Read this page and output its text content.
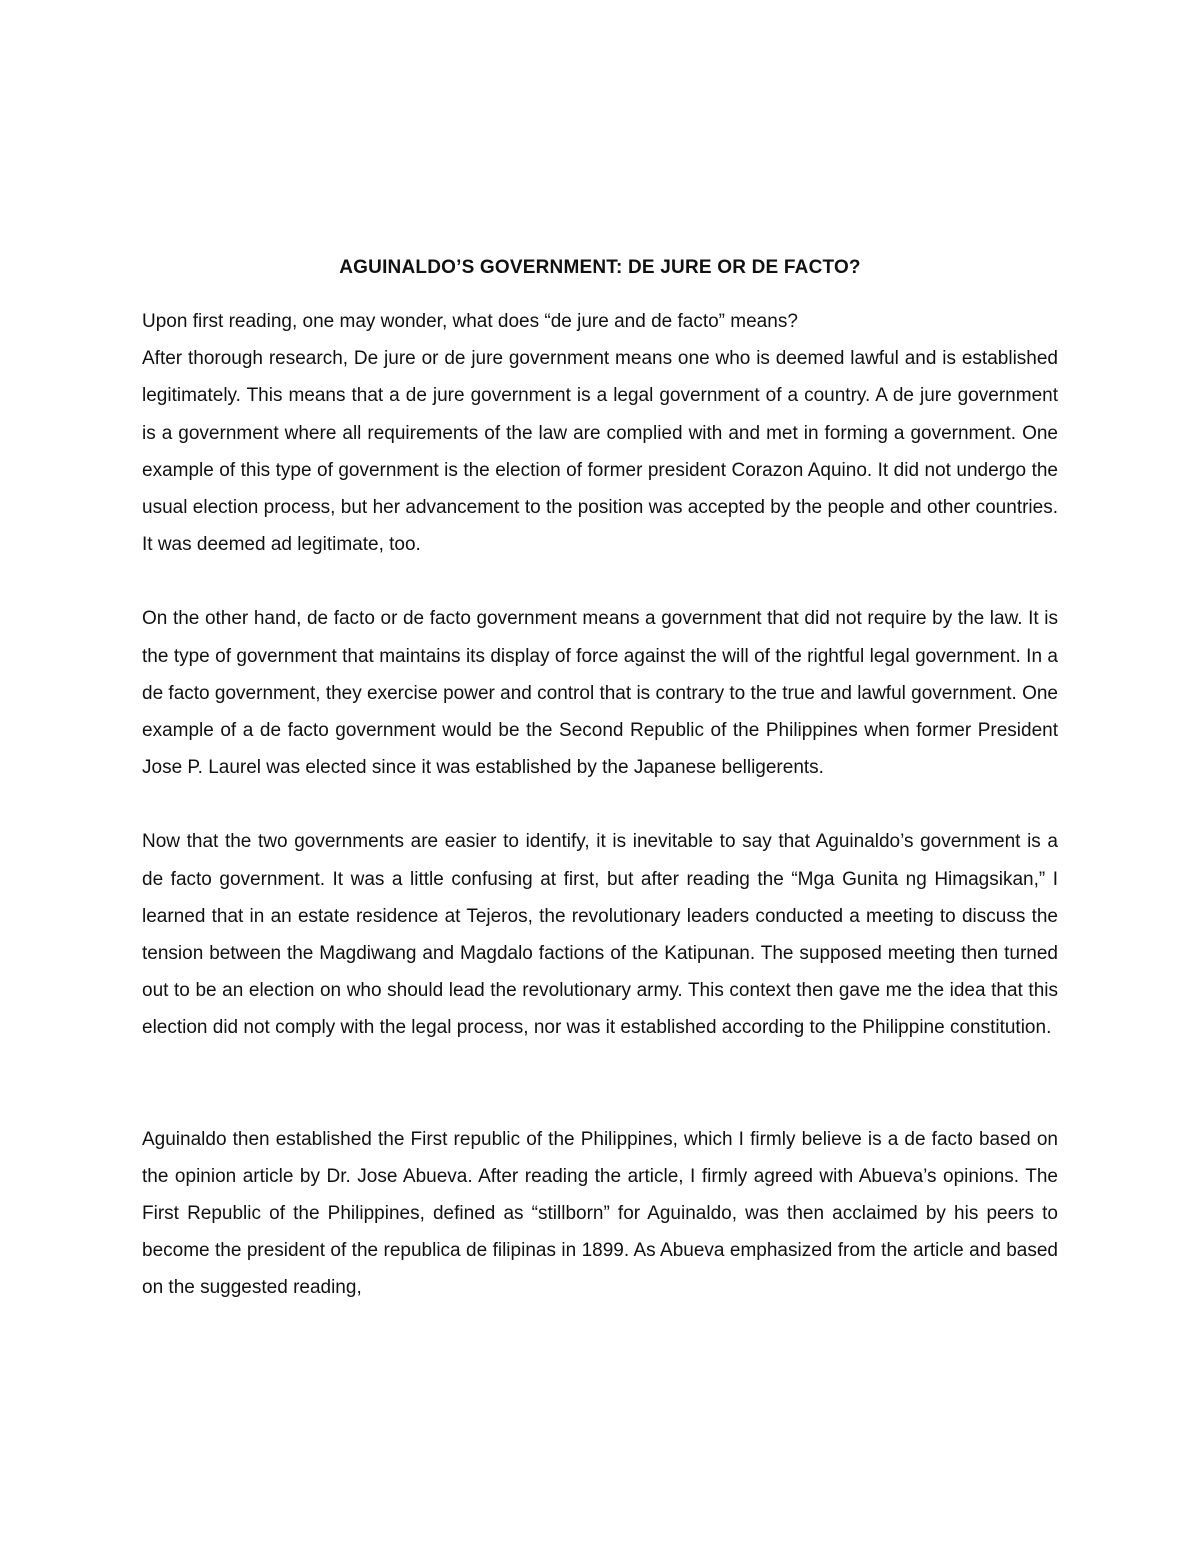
AGUINALDO’S GOVERNMENT: DE JURE OR DE FACTO?

Upon first reading, one may wonder, what does “de jure and de facto” means?

After thorough research, De jure or de jure government means one who is deemed lawful and is established legitimately. This means that a de jure government is a legal government of a country. A de jure government is a government where all requirements of the law are complied with and met in forming a government. One example of this type of government is the election of former president Corazon Aquino. It did not undergo the usual election process, but her advancement to the position was accepted by the people and other countries. It was deemed ad legitimate, too.

On the other hand, de facto or de facto government means a government that did not require by the law. It is the type of government that maintains its display of force against the will of the rightful legal government. In a de facto government, they exercise power and control that is contrary to the true and lawful government. One example of a de facto government would be the Second Republic of the Philippines when former President Jose P. Laurel was elected since it was established by the Japanese belligerents.

Now that the two governments are easier to identify, it is inevitable to say that Aguinaldo’s government is a de facto government. It was a little confusing at first, but after reading the “Mga Gunita ng Himagsikan,” I learned that in an estate residence at Tejeros, the revolutionary leaders conducted a meeting to discuss the tension between the Magdiwang and Magdalo factions of the Katipunan. The supposed meeting then turned out to be an election on who should lead the revolutionary army. This context then gave me the idea that this election did not comply with the legal process, nor was it established according to the Philippine constitution.

Aguinaldo then established the First republic of the Philippines, which I firmly believe is a de facto based on the opinion article by Dr. Jose Abueva. After reading the article, I firmly agreed with Abueva’s opinions. The First Republic of the Philippines, defined as “stillborn” for Aguinaldo, was then acclaimed by his peers to become the president of the republica de filipinas in 1899. As Abueva emphasized from the article and based on the suggested reading,
